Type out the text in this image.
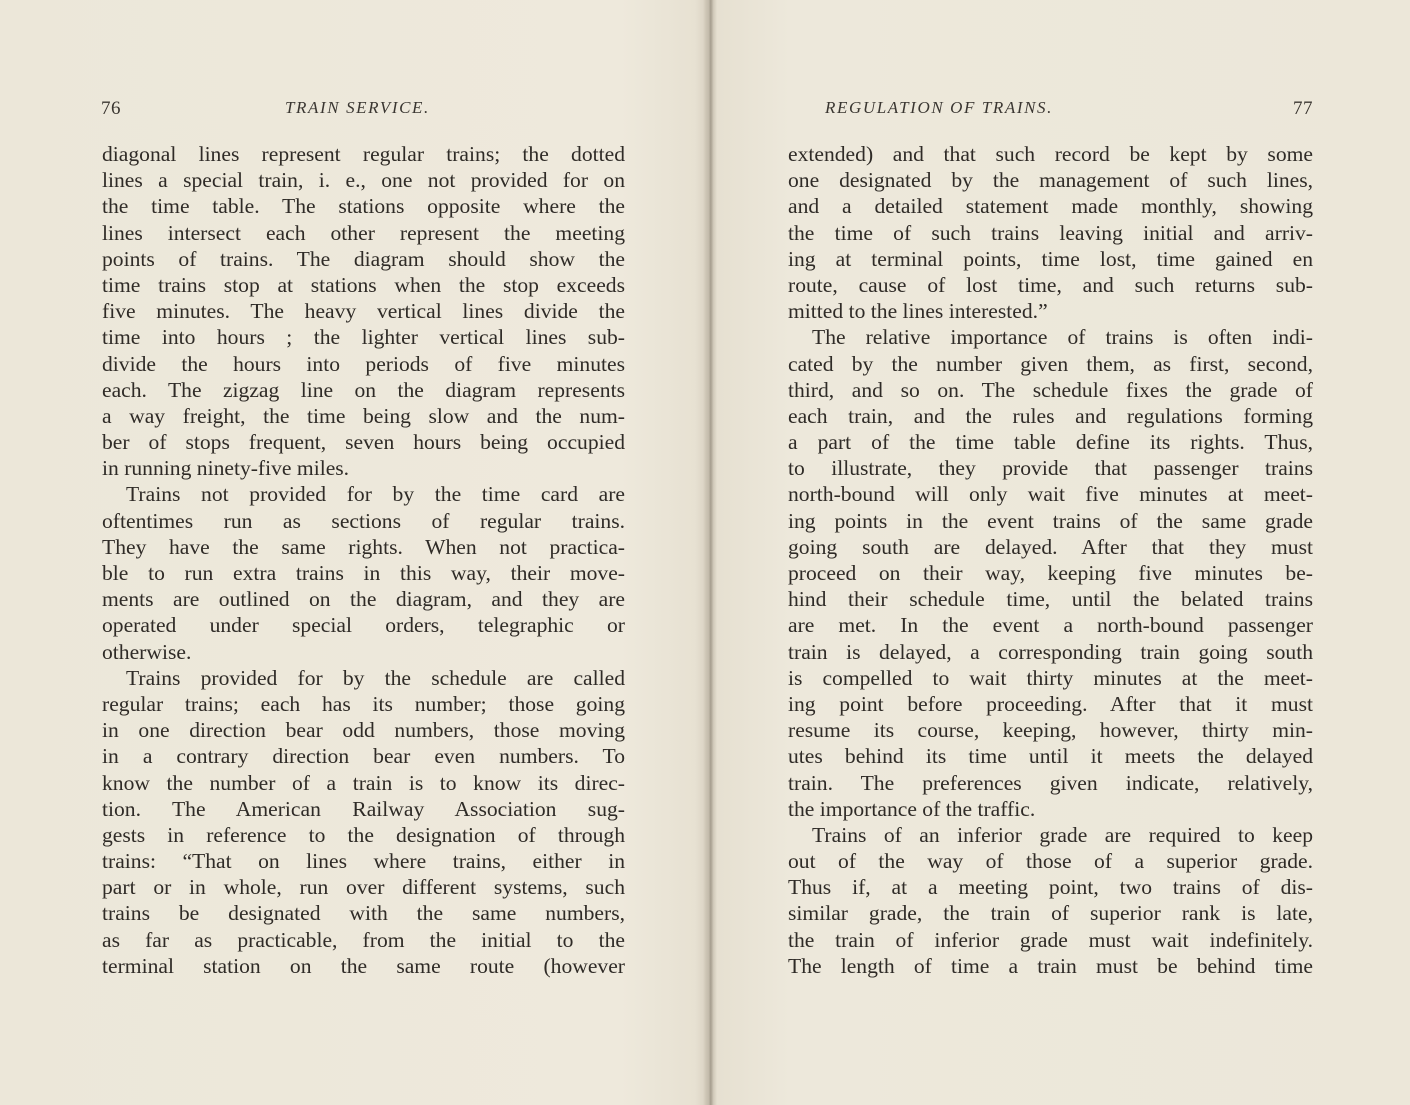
76	TRAIN SERVICE.
diagonal lines represent regular trains; the dotted
lines a special train, i. e., one not provided for on
the time table. The stations opposite where the
lines intersect each other represent the meeting
points of trains. The diagram should show the
time trains stop at stations when the stop exceeds
five minutes. The heavy vertical lines divide the
time into hours ; the lighter vertical lines sub-
divide the hours into periods of five minutes
each. The zigzag line on the diagram represents
a way freight, the time being slow and the num-
ber of stops frequent, seven hours being occupied
in running ninety-five miles.
Trains not provided for by the time card are
oftentimes run as sections of regular trains.
They have the same rights. When not practica-
ble to run extra trains in this way, their move-
ments are outlined on the diagram, and they are
operated under special orders, telegraphic or
otherwise.
Trains provided for by the schedule are called
regular trains; each has its number; those going
in one direction bear odd numbers, those moving
in a contrary direction bear even numbers. To
know the number of a train is to know its direc-
tion. The American Railway Association sug-
gests in reference to the designation of through
trains: “That on lines where trains, either in
part or in whole, run over different systems, such
trains be designated with the same numbers,
as far as practicable, from the initial to the
terminal station on the same route (however
REGULATION OF TRAINS.	77
extended) and that such record be kept by some
one designated by the management of such lines,
and a detailed statement made monthly, showing
the time of such trains leaving initial and arriv-
ing at terminal points, time lost, time gained en
route, cause of lost time, and such returns sub-
mitted to the lines interested.”
The relative importance of trains is often indi-
cated by the number given them, as first, second,
third, and so on. The schedule fixes the grade of
each train, and the rules and regulations forming
a part of the time table define its rights. Thus,
to illustrate, they provide that passenger trains
north-bound will only wait five minutes at meet-
ing points in the event trains of the same grade
going south are delayed. After that they must
proceed on their way, keeping five minutes be-
hind their schedule time, until the belated trains
are met. In the event a north-bound passenger
train is delayed, a corresponding train going south
is compelled to wait thirty minutes at the meet-
ing point before proceeding. After that it must
resume its course, keeping, however, thirty min-
utes behind its time until it meets the delayed
train. The preferences given indicate, relatively,
the importance of the traffic.
Trains of an inferior grade are required to keep
out of the way of those of a superior grade.
Thus if, at a meeting point, two trains of dis-
similar grade, the train of superior rank is late,
the train of inferior grade must wait indefinitely.
The length of time a train must be behind time
